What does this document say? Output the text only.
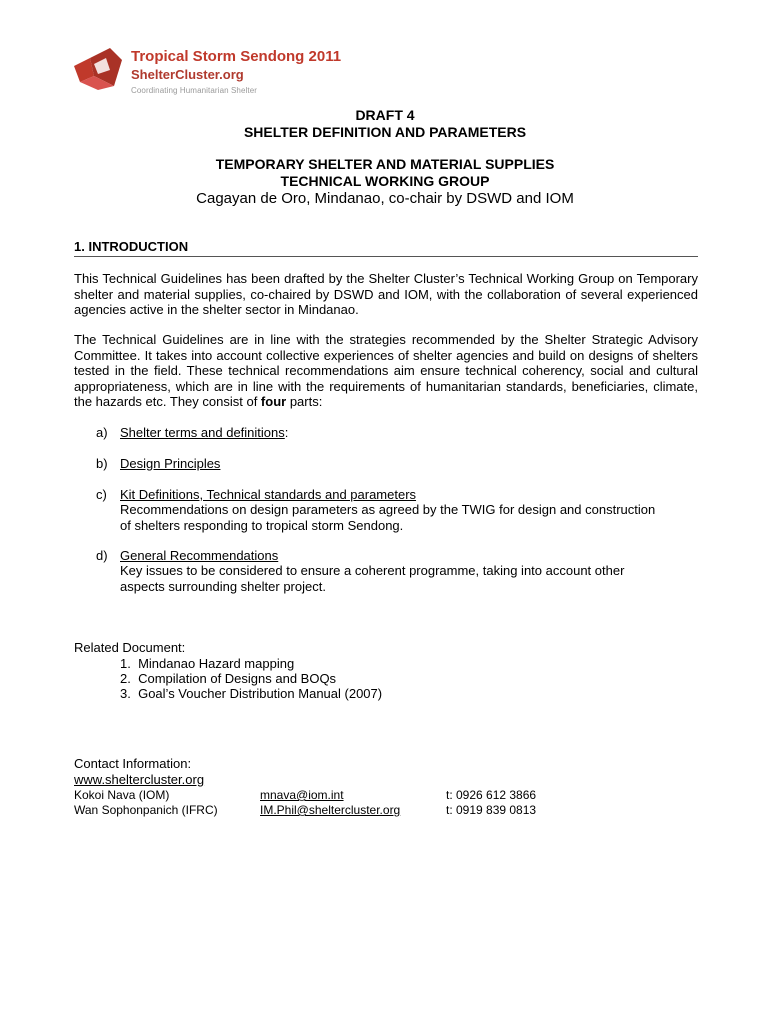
Tropical Storm Sendong 2011
ShelterCluster.org
Coordinating Humanitarian Shelter
DRAFT 4
SHELTER DEFINITION AND PARAMETERS
TEMPORARY SHELTER AND MATERIAL SUPPLIES
TECHNICAL WORKING GROUP
Cagayan de Oro, Mindanao, co-chair by DSWD and IOM
1. INTRODUCTION
This Technical Guidelines has been drafted by the Shelter Cluster’s Technical Working Group on Temporary shelter and material supplies, co-chaired by DSWD and IOM, with the collaboration of several experienced agencies active in the shelter sector in Mindanao.
The Technical Guidelines are in line with the strategies recommended by the Shelter Strategic Advisory Committee. It takes into account collective experiences of shelter agencies and build on designs of shelters tested in the field. These technical recommendations aim ensure technical coherency, social and cultural appropriateness, which are in line with the requirements of humanitarian standards, beneficiaries, climate, the hazards etc. They consist of four parts:
a) Shelter terms and definitions:
b) Design Principles
c) Kit Definitions, Technical standards and parameters
Recommendations on design parameters as agreed by the TWIG for design and construction of shelters responding to tropical storm Sendong.
d) General Recommendations
Key issues to be considered to ensure a coherent programme, taking into account other aspects surrounding shelter project.
Related Document:
1. Mindanao Hazard mapping
2. Compilation of Designs and BOQs
3. Goal’s Voucher Distribution Manual (2007)
Contact Information:
www.sheltercluster.org
Kokoi Nava (IOM)	mnava@iom.int	t: 0926 612 3866
Wan Sophonpanich (IFRC)	IM.Phil@sheltercluster.org	t: 0919 839 0813
